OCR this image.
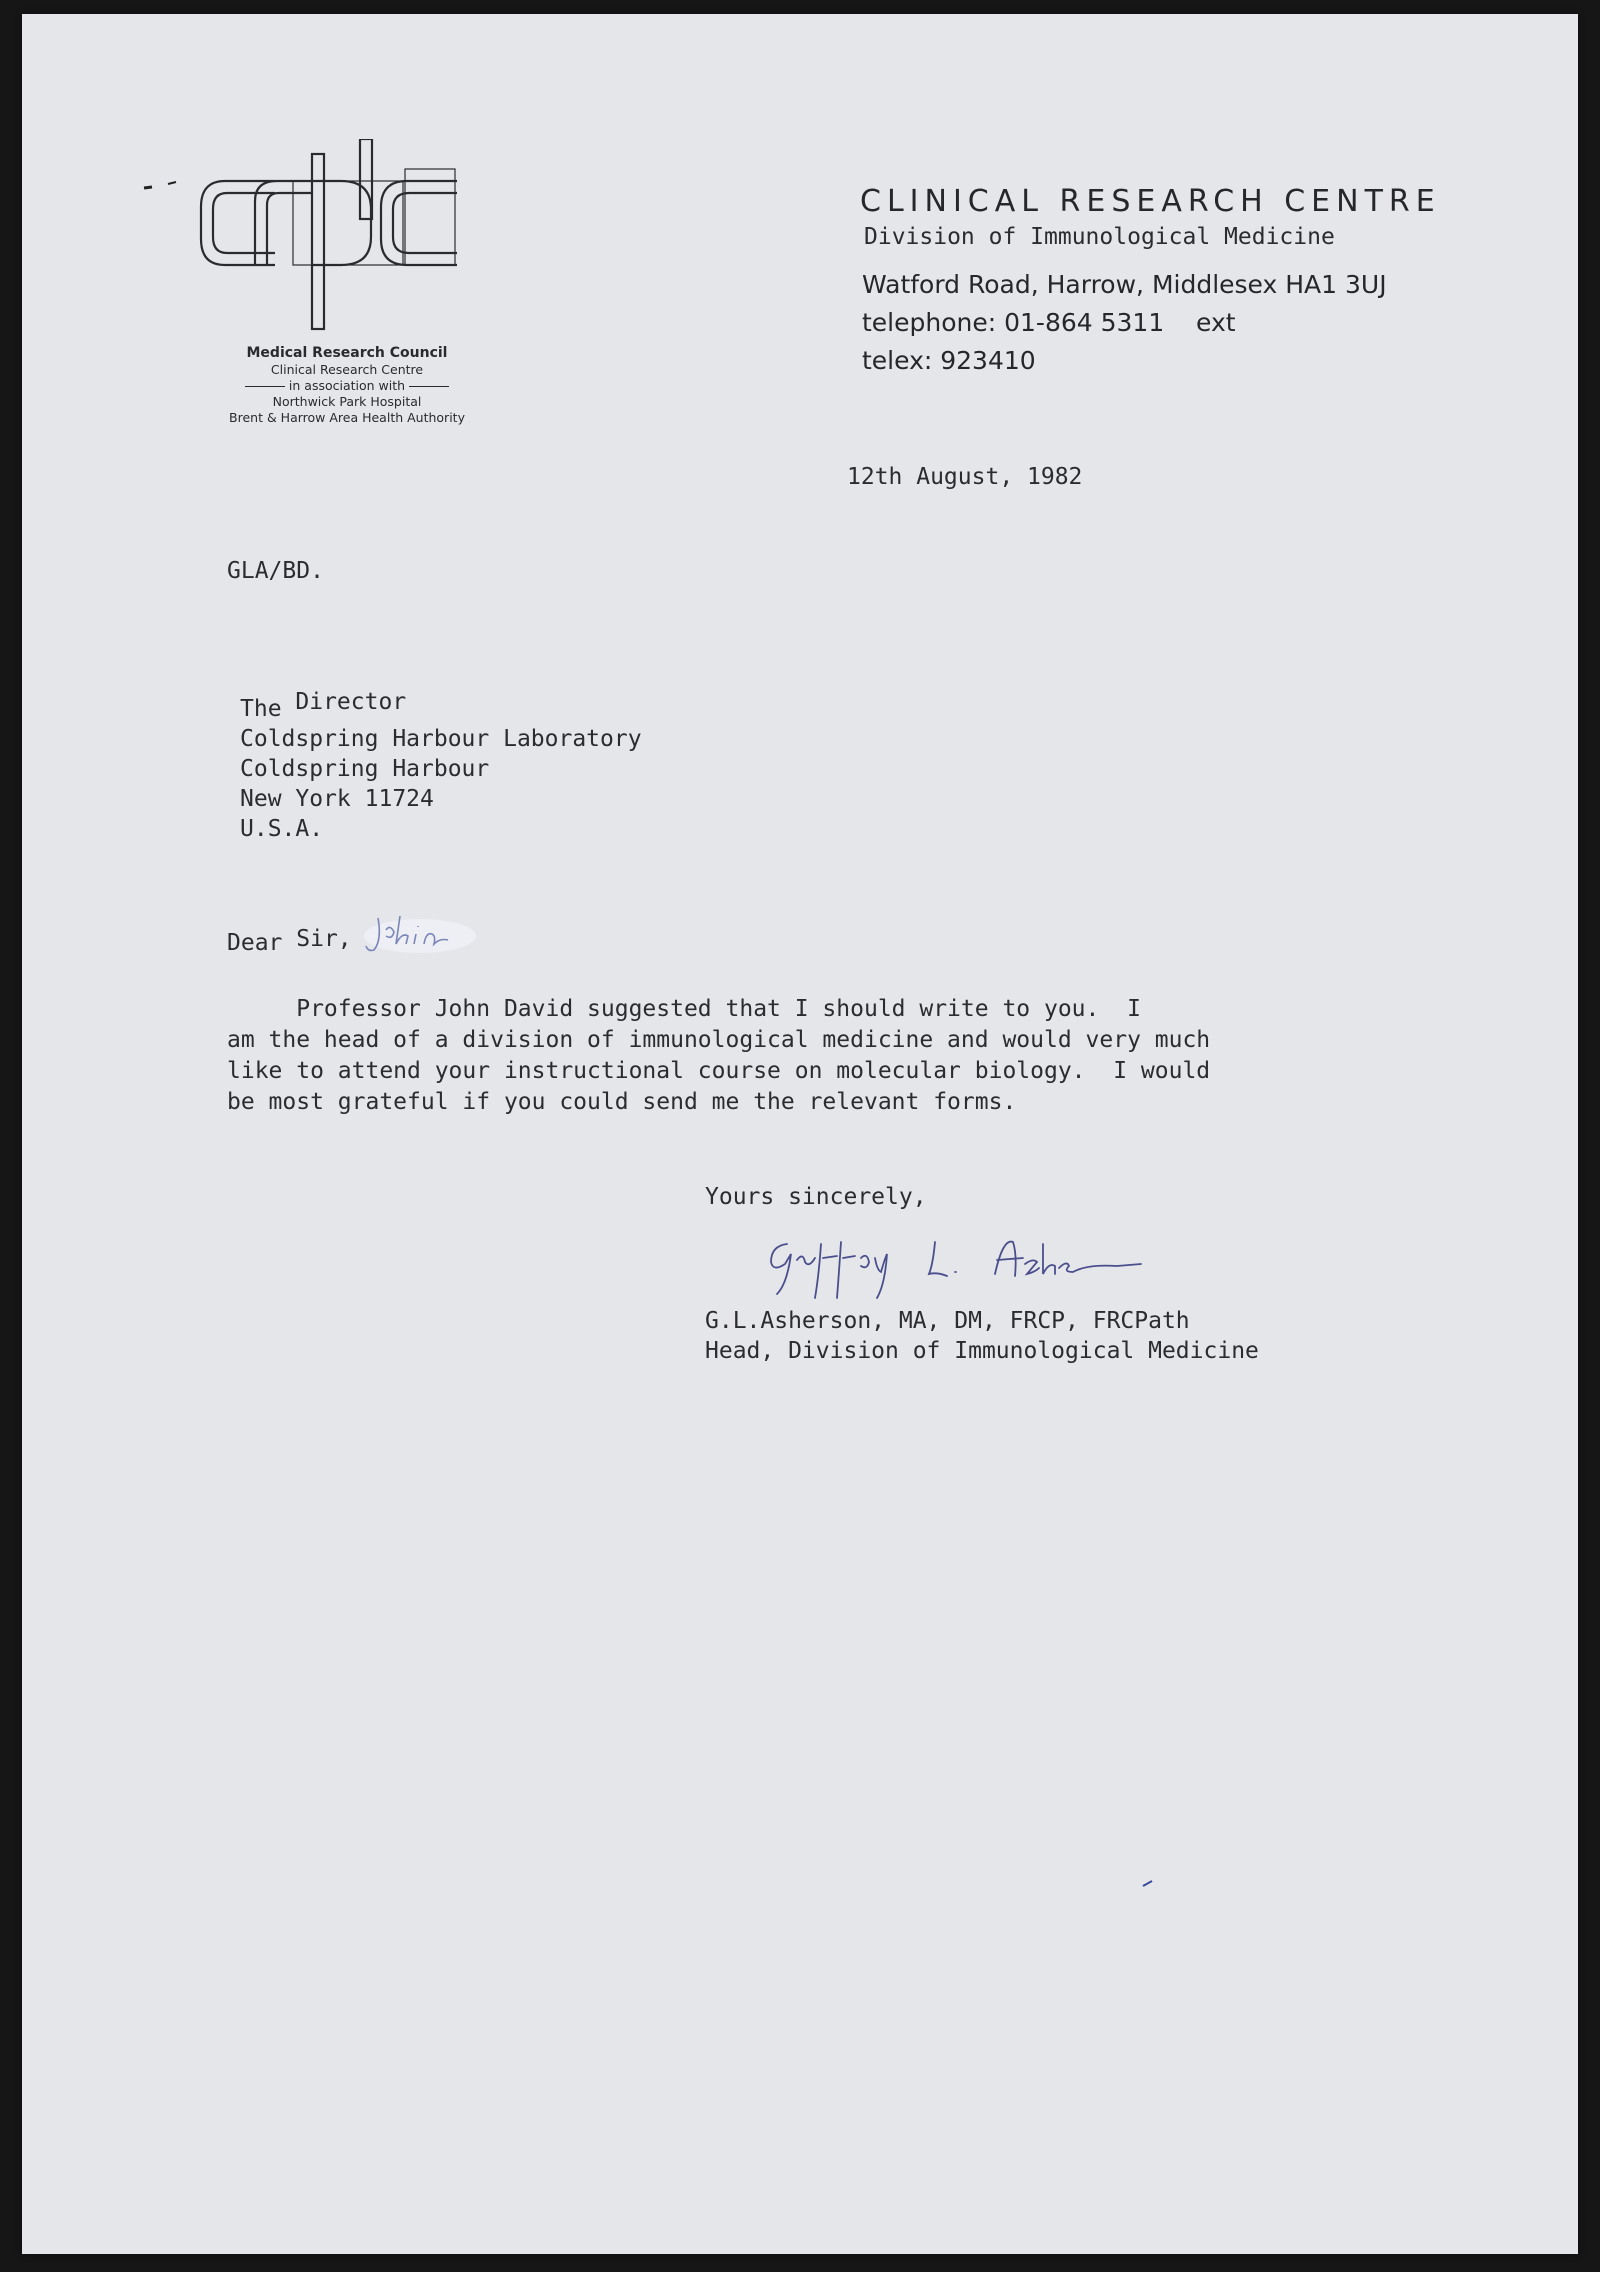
Medical Research Council
Clinical Research Centre
in association with
Northwick Park Hospital
Brent & Harrow Area Health Authority
CLINICAL RESEARCH CENTRE
Division of Immunological Medicine
Watford Road, Harrow, Middlesex HA1 3UJ
telephone: 01-864 5311    ext
telex: 923410
12th August, 1982
GLA/BD.
The Director
Coldspring Harbour Laboratory
Coldspring Harbour
New York 11724
U.S.A.
Dear Sir,
Professor John David suggested that I should write to you.  I
am the head of a division of immunological medicine and would very much
like to attend your instructional course on molecular biology.  I would
be most grateful if you could send me the relevant forms.
Yours sincerely,
G.L.Asherson, MA, DM, FRCP, FRCPath
Head, Division of Immunological Medicine
